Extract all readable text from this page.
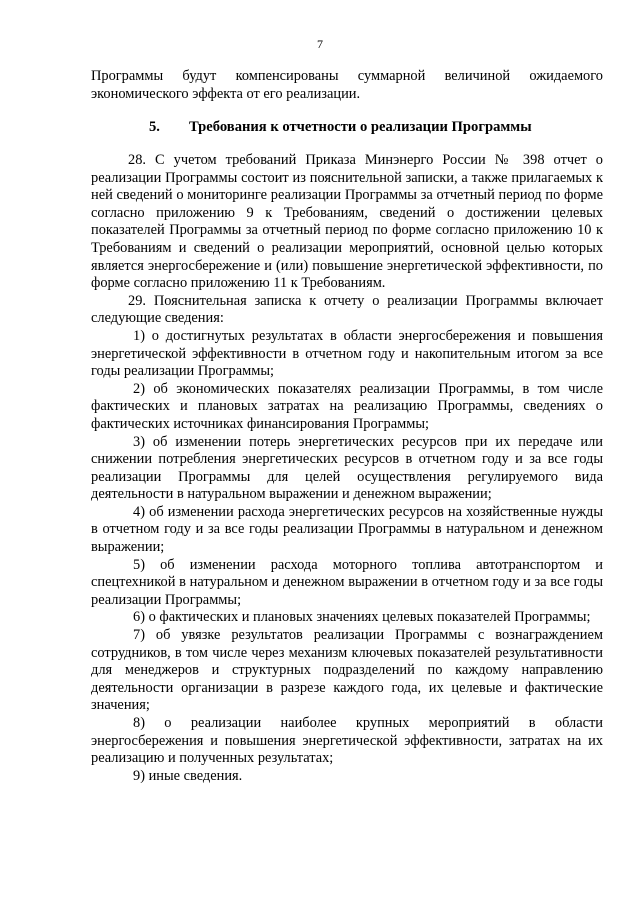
7

Программы будут компенсированы суммарной величиной ожидаемого экономического эффекта от его реализации.

5. Требования к отчетности о реализации Программы

28. С учетом требований Приказа Минэнерго России № 398 отчет о реализации Программы состоит из пояснительной записки, а также прилагаемых к ней сведений о мониторинге реализации Программы за отчетный период по форме согласно приложению 9 к Требованиям, сведений о достижении целевых показателей Программы за отчетный период по форме согласно приложению 10 к Требованиям и сведений о реализации мероприятий, основной целью которых является энергосбережение и (или) повышение энергетической эффективности, по форме согласно приложению 11 к Требованиям.

29. Пояснительная записка к отчету о реализации Программы включает следующие сведения:

1) о достигнутых результатах в области энергосбережения и повышения энергетической эффективности в отчетном году и накопительным итогом за все годы реализации Программы;

2) об экономических показателях реализации Программы, в том числе фактических и плановых затратах на реализацию Программы, сведениях о фактических источниках финансирования Программы;

3) об изменении потерь энергетических ресурсов при их передаче или снижении потребления энергетических ресурсов в отчетном году и за все годы реализации Программы для целей осуществления регулируемого вида деятельности в натуральном выражении и денежном выражении;

4) об изменении расхода энергетических ресурсов на хозяйственные нужды в отчетном году и за все годы реализации Программы в натуральном и денежном выражении;

5) об изменении расхода моторного топлива автотранспортом и спецтехникой в натуральном и денежном выражении в отчетном году и за все годы реализации Программы;

6) о фактических и плановых значениях целевых показателей Программы;

7) об увязке результатов реализации Программы с вознаграждением сотрудников, в том числе через механизм ключевых показателей результативности для менеджеров и структурных подразделений по каждому направлению деятельности организации в разрезе каждого года, их целевые и фактические значения;

8) о реализации наиболее крупных мероприятий в области энергосбережения и повышения энергетической эффективности, затратах на их реализацию и полученных результатах;

9) иные сведения.
